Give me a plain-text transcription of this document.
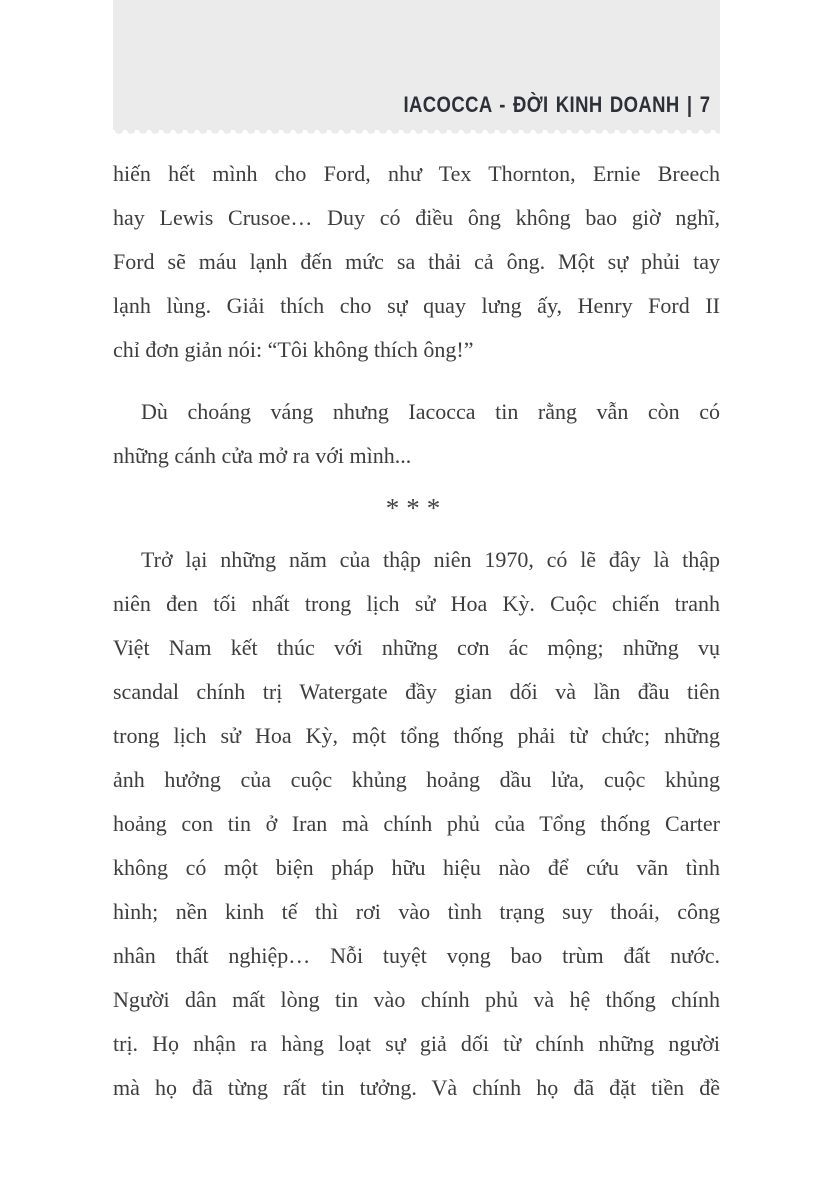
IACOCCA - ĐỜI KINH DOANH | 7
hiến hết mình cho Ford, như Tex Thornton, Ernie Breech
hay Lewis Crusoe… Duy có điều ông không bao giờ nghĩ,
Ford sẽ máu lạnh đến mức sa thải cả ông. Một sự phủi tay
lạnh lùng. Giải thích cho sự quay lưng ấy, Henry Ford II
chỉ đơn giản nói: “Tôi không thích ông!”
Dù choáng váng nhưng Iacocca tin rằng vẫn còn có
những cánh cửa mở ra với mình...
***
Trở lại những năm của thập niên 1970, có lẽ đây là thập
niên đen tối nhất trong lịch sử Hoa Kỳ. Cuộc chiến tranh
Việt Nam kết thúc với những cơn ác mộng; những vụ
scandal chính trị Watergate đầy gian dối và lần đầu tiên
trong lịch sử Hoa Kỳ, một tổng thống phải từ chức; những
ảnh hưởng của cuộc khủng hoảng dầu lửa, cuộc khủng
hoảng con tin ở Iran mà chính phủ của Tổng thống Carter
không có một biện pháp hữu hiệu nào để cứu vãn tình
hình; nền kinh tế thì rơi vào tình trạng suy thoái, công
nhân thất nghiệp… Nỗi tuyệt vọng bao trùm đất nước.
Người dân mất lòng tin vào chính phủ và hệ thống chính
trị. Họ nhận ra hàng loạt sự giả dối từ chính những người
mà họ đã từng rất tin tưởng. Và chính họ đã đặt tiền đề
